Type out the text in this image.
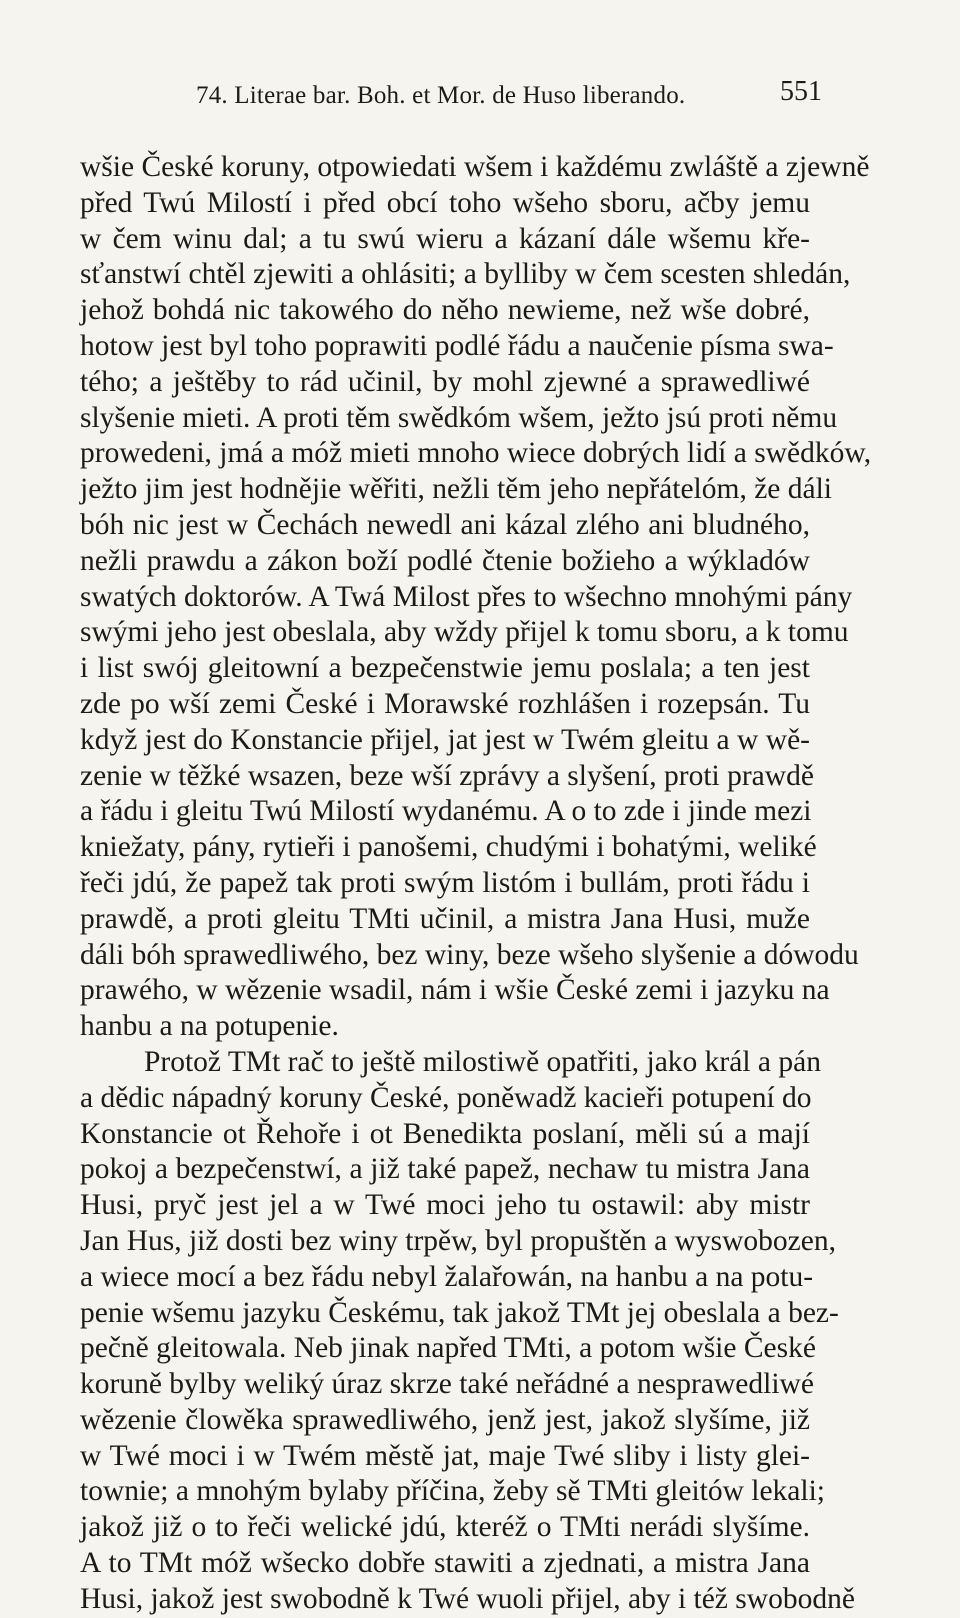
74. Literae bar. Boh. et Mor. de Huso liberando.	551
wšie České koruny, otpowiedati wšem i každému zwláště a zjewně
před Twú Milostí i před obcí toho wšeho sboru, ačby jemu
w čem winu dal; a tu swú wieru a kázaní dále wšemu kře-
sťanstwí chtěl zjewiti a ohlásiti; a bylliby w čem scesten shledán,
jehož bohdá nic takowého do něho newieme, než wše dobré,
hotow jest byl toho poprawiti podlé řádu a naučenie písma swa-
tého; a ještěby to rád učinil, by mohl zjewné a sprawedliwé
slyšenie mieti. A proti těm swědkóm wšem, ježto jsú proti němu
prowedeni, jmá a móž mieti mnoho wiece dobrých lidí a swědków,
ježto jim jest hodnějie wěřiti, nežli těm jeho nepřátelóm, že dáli
bóh nic jest w Čechách newedl ani kázal zlého ani bludného,
nežli prawdu a zákon boží podlé čtenie božieho a wýkladów
swatých doktorów. A Twá Milost přes to wšechno mnohými pány
swými jeho jest obeslala, aby wždy přijel k tomu sboru, a k tomu
i list swój gleitowní a bezpečenstwie jemu poslala; a ten jest
zde po wší zemi České i Morawské rozhlášen i rozepsán. Tu
když jest do Konstancie přijel, jat jest w Twém gleitu a w wě-
zenie w těžké wsazen, beze wší zprávy a slyšení, proti prawdě
a řádu i gleitu Twú Milostí wydanému. A o to zde i jinde mezi
kniežaty, pány, rytieři i panošemi, chudými i bohatými, weliké
řeči jdú, že papež tak proti swým listóm i bullám, proti řádu i
prawdě, a proti gleitu TMti učinil, a mistra Jana Husi, muže
dáli bóh sprawedliwého, bez winy, beze wšeho slyšenie a dówodu
prawého, w wězenie wsadil, nám i wšie České zemi i jazyku na
hanbu a na potupenie.
Protož TMt rač to ještě milostiwě opatřiti, jako král a pán
a dědic nápadný koruny České, poněwadž kacieři potupení do
Konstancie ot Řehoře i ot Benedikta poslaní, měli sú a mají
pokoj a bezpečenstwí, a již také papež, nechaw tu mistra Jana
Husi, pryč jest jel a w Twé moci jeho tu ostawil: aby mistr
Jan Hus, již dosti bez winy trpěw, byl propuštěn a wyswobozen,
a wiece mocí a bez řádu nebyl žalařowán, na hanbu a na potu-
penie wšemu jazyku Českému, tak jakož TMt jej obeslala a bez-
pečně gleitowala. Neb jinak napřed TMti, a potom wšie České
koruně bylby weliký úraz skrze také neřádné a nesprawedliwé
wězenie člowěka sprawedliwého, jenž jest, jakož slyšíme, již
w Twé moci i w Twém městě jat, maje Twé sliby i listy glei-
townie; a mnohým bylaby příčina, žeby sě TMti gleitów lekali;
jakož již o to řeči welické jdú, kteréž o TMti nerádi slyšíme.
A to TMt móž wšecko dobře stawiti a zjednati, a mistra Jana
Husi, jakož jest swobodně k Twé wuoli přijel, aby i též swobodně
